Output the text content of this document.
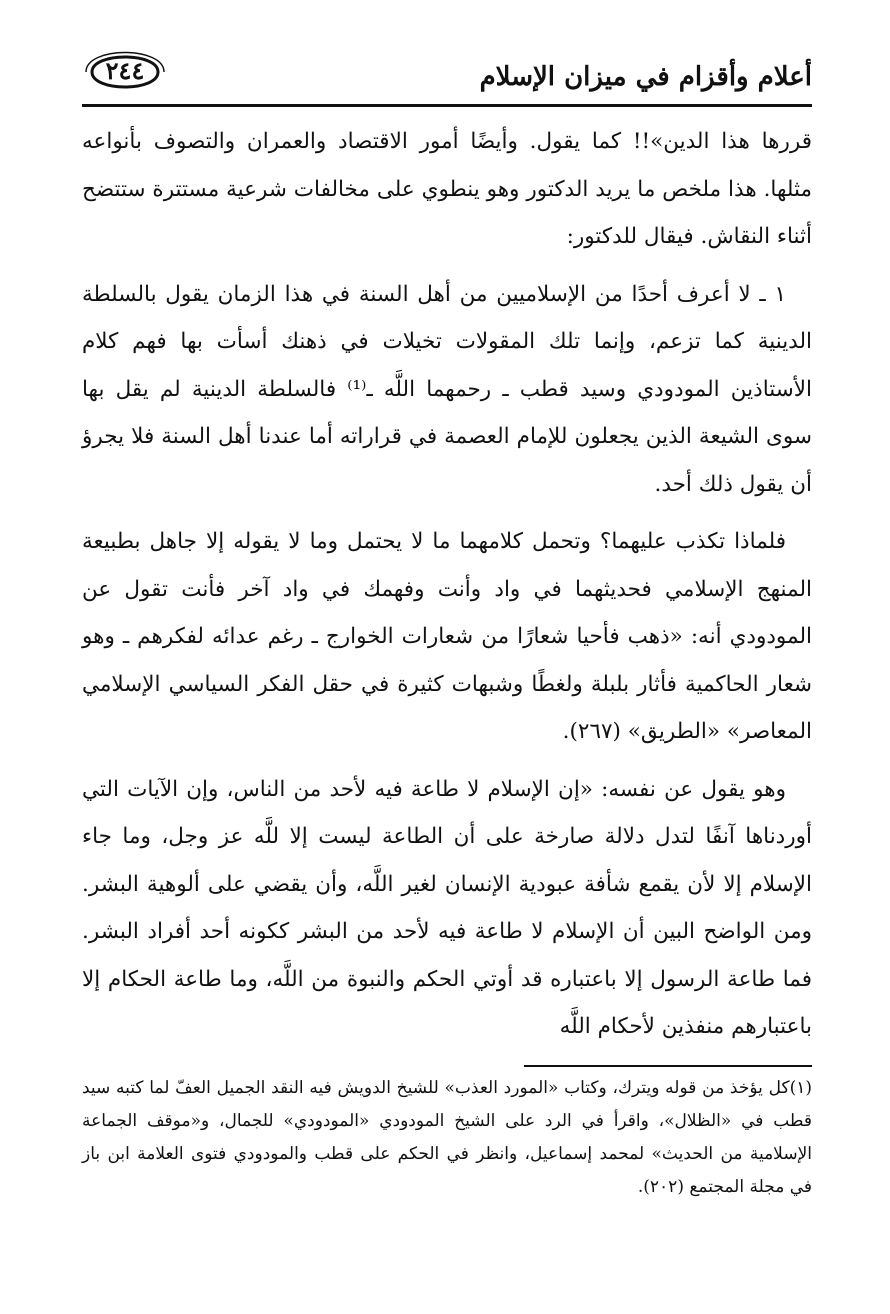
أعلام وأقزام في ميزان الإسلام
٢٤٤

قررها هذا الدين»!! كما يقول. وأيضًا أمور الاقتصاد والعمران والتصوف بأنواعه مثلها. هذا ملخص ما يريد الدكتور وهو ينطوي على مخالفات شرعية مستترة ستتضح أثناء النقاش. فيقال للدكتور:

١ ـ لا أعرف أحدًا من الإسلاميين من أهل السنة في هذا الزمان يقول بالسلطة الدينية كما تزعم، وإنما تلك المقولات تخيلات في ذهنك أسأت بها فهم كلام الأستاذين المودودي وسيد قطب ـ رحمهما اللَّه ـ⁽¹⁾ فالسلطة الدينية لم يقل بها سوى الشيعة الذين يجعلون للإمام العصمة في قراراته أما عندنا أهل السنة فلا يجرؤ أن يقول ذلك أحد.

فلماذا تكذب عليهما؟ وتحمل كلامهما ما لا يحتمل وما لا يقوله إلا جاهل بطبيعة المنهج الإسلامي فحديثهما في واد وأنت وفهمك في واد آخر فأنت تقول عن المودودي أنه: «ذهب فأحيا شعارًا من شعارات الخوارج ـ رغم عدائه لفكرهم ـ وهو شعار الحاكمية فأثار بلبلة ولغطًا وشبهات كثيرة في حقل الفكر السياسي الإسلامي المعاصر» «الطريق» (٢٦٧).

وهو يقول عن نفسه: «إن الإسلام لا طاعة فيه لأحد من الناس، وإن الآيات التي أوردناها آنفًا لتدل دلالة صارخة على أن الطاعة ليست إلا للَّه عز وجل، وما جاء الإسلام إلا لأن يقمع شأفة عبودية الإنسان لغير اللَّه، وأن يقضي على ألوهية البشر. ومن الواضح البين أن الإسلام لا طاعة فيه لأحد من البشر ككونه أحد أفراد البشر. فما طاعة الرسول إلا باعتباره قد أوتي الحكم والنبوة من اللَّه، وما طاعة الحكام إلا باعتبارهم منفذين لأحكام اللَّه

(١)كل يؤخذ من قوله ويترك، وكتاب «المورد العذب» للشيخ الدويش فيه النقد الجميل العفّ لما كتبه سيد قطب في «الظلال»، واقرأ في الرد على الشيخ المودودي «المودودي» للجمال، و«موقف الجماعة الإسلامية من الحديث» لمحمد إسماعيل، وانظر في الحكم على قطب والمودودي فتوى العلامة ابن باز في مجلة المجتمع (٢٠٢).
